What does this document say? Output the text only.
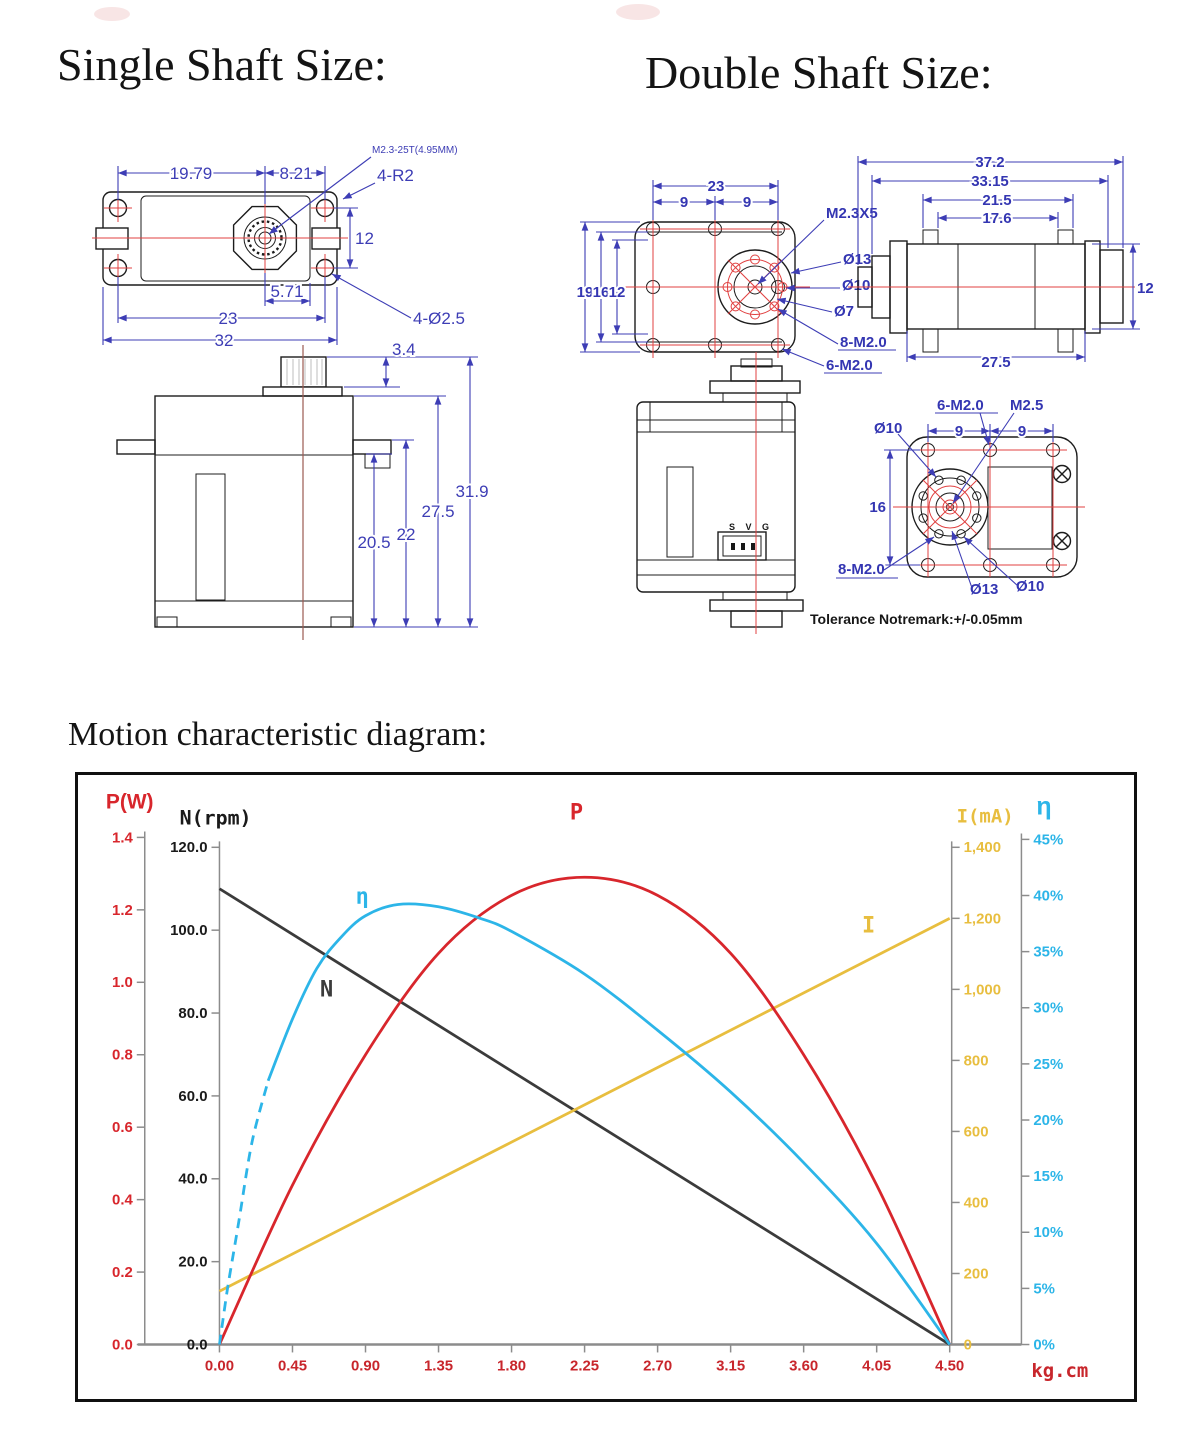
Single Shaft Size:	Double Shaft Size:
Motion characteristic diagram:
19.79	8.21	4-R2
M2.3-25T(4.95MM)
12
5.71
23
32
4-Ø2.5
3.4
20.5 22
27.5
31.9
23
9	9
M2.3X5
Ø13
Ø10
Ø7
8-M2.0
6-M2.0
19 16 12
37.2
33.15
21.5
17.6
12
27.5
S V G
6-M2.0 M2.5
Ø10	9	9
16
8-M2.0
Ø13 Ø10
Tolerance Notremark:+/-0.05mm
0.00	0.45	0.90	1.35	1.80	2.25	2.70	3.15	3.60	4.05	4.50	kg.cm
1.4
1.2
1.0
0.8
0.6
0.4
0.2
0.0
P(W)
120.0
100.0
80.0
60.0
40.0
20.0
0.0
N(rpm)
1,400
1,200
1,000
800
600
400
200
0
I(mA)
45%
40%
35%
30%
25%
20%
15%
10%
5%
0%
η
N
I
P
η
